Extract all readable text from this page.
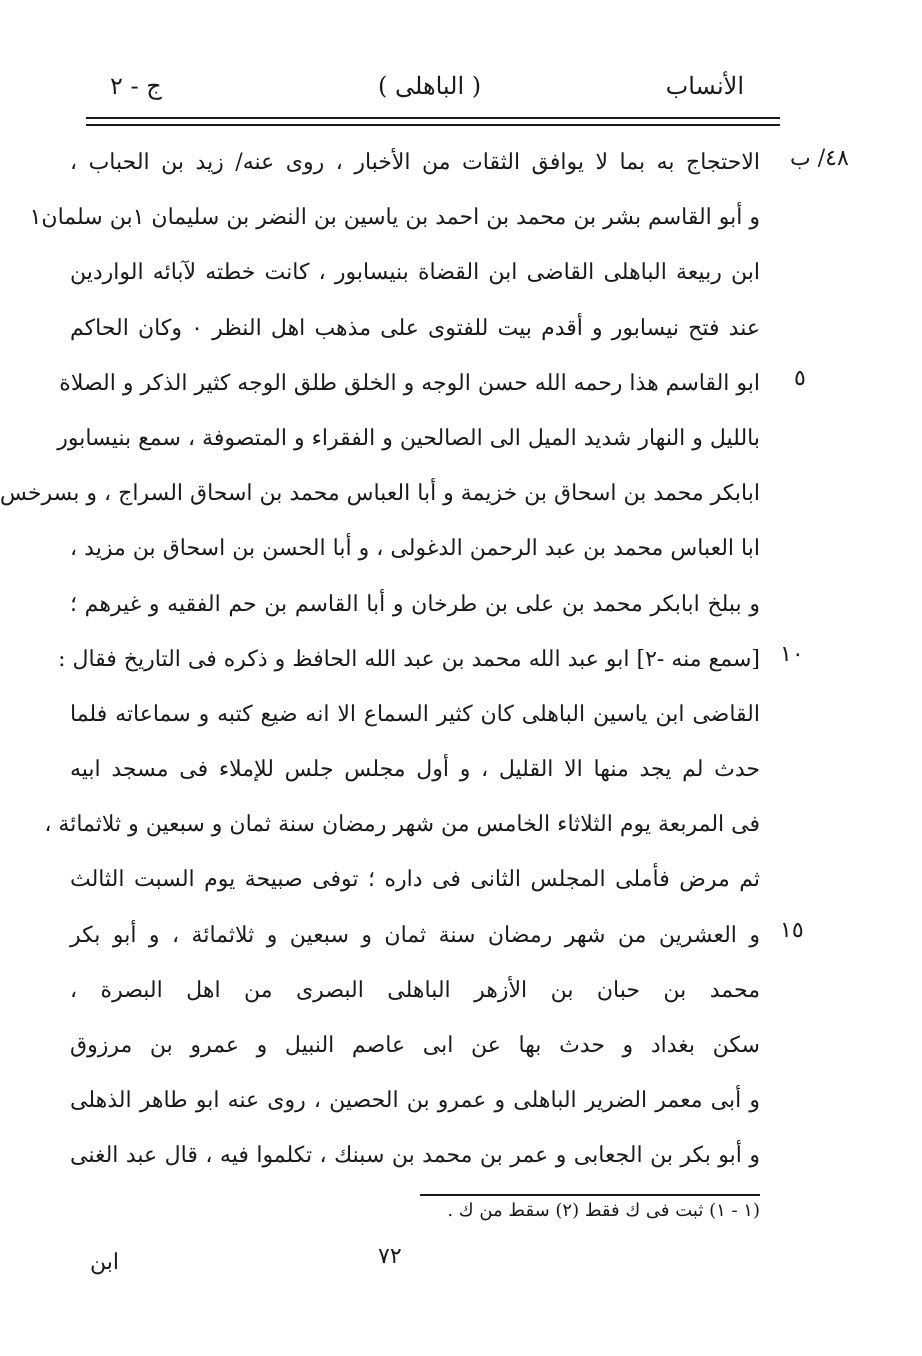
الأنساب
( الباهلى )
ج - ٢
٤٨/ ب
٥
١٠
١٥
الاحتجاج به بما لا يوافق الثقات من الأخبار ، روى عنه/ زيد بن الحباب ،
و أبو القاسم بشر بن محمد بن احمد بن ياسين بن النضر بن سليمان ١بن سلمان١
ابن ربيعة الباهلى القاضى ابن القضاة بنيسابور ، كانت خطته لآبائه الواردين
عند فتح نيسابور و أقدم بيت للفتوى على مذهب اهل النظر ٠ وكان الحاكم
ابو القاسم هذا رحمه الله حسن الوجه و الخلق طلق الوجه كثير الذكر و الصلاة
بالليل و النهار شديد الميل الى الصالحين و الفقراء و المتصوفة ، سمع بنيسابور
ابابكر محمد بن اسحاق بن خزيمة و أبا العباس محمد بن اسحاق السراج ، و بسرخس
ابا العباس محمد بن عبد الرحمن الدغولى ، و أبا الحسن بن اسحاق بن مزيد ،
و ببلخ ابابكر محمد بن على بن طرخان و أبا القاسم بن حم الفقيه و غيرهم ؛
[سمع منه -٢] ابو عبد الله محمد بن عبد الله الحافظ و ذكره فى التاريخ فقال :
القاضى ابن ياسين الباهلى كان كثير السماع الا انه ضيع كتبه و سماعاته فلما
حدث لم يجد منها الا القليل ، و أول مجلس جلس للإملاء فى مسجد ابيه
فى المربعة يوم الثلاثاء الخامس من شهر رمضان سنة ثمان و سبعين و ثلاثمائة ،
ثم مرض فأملى المجلس الثانى فى داره ؛ توفى صبيحة يوم السبت الثالث
و العشرين من شهر رمضان سنة ثمان و سبعين و ثلاثمائة ، و أبو بكر
محمد بن حبان بن الأزهر الباهلى البصرى من اهل البصرة ،
سكن بغداد و حدث بها عن ابى عاصم النبيل و عمرو بن مرزوق
و أبى معمر الضرير الباهلى و عمرو بن الحصين ، روى عنه ابو طاهر الذهلى
و أبو بكر بن الجعابى و عمر بن محمد بن سبنك ، تكلموا فيه ، قال عبد الغنى
(١ - ١) ثبت فى ك فقط (٢) سقط من ك .
٧٢
ابن
